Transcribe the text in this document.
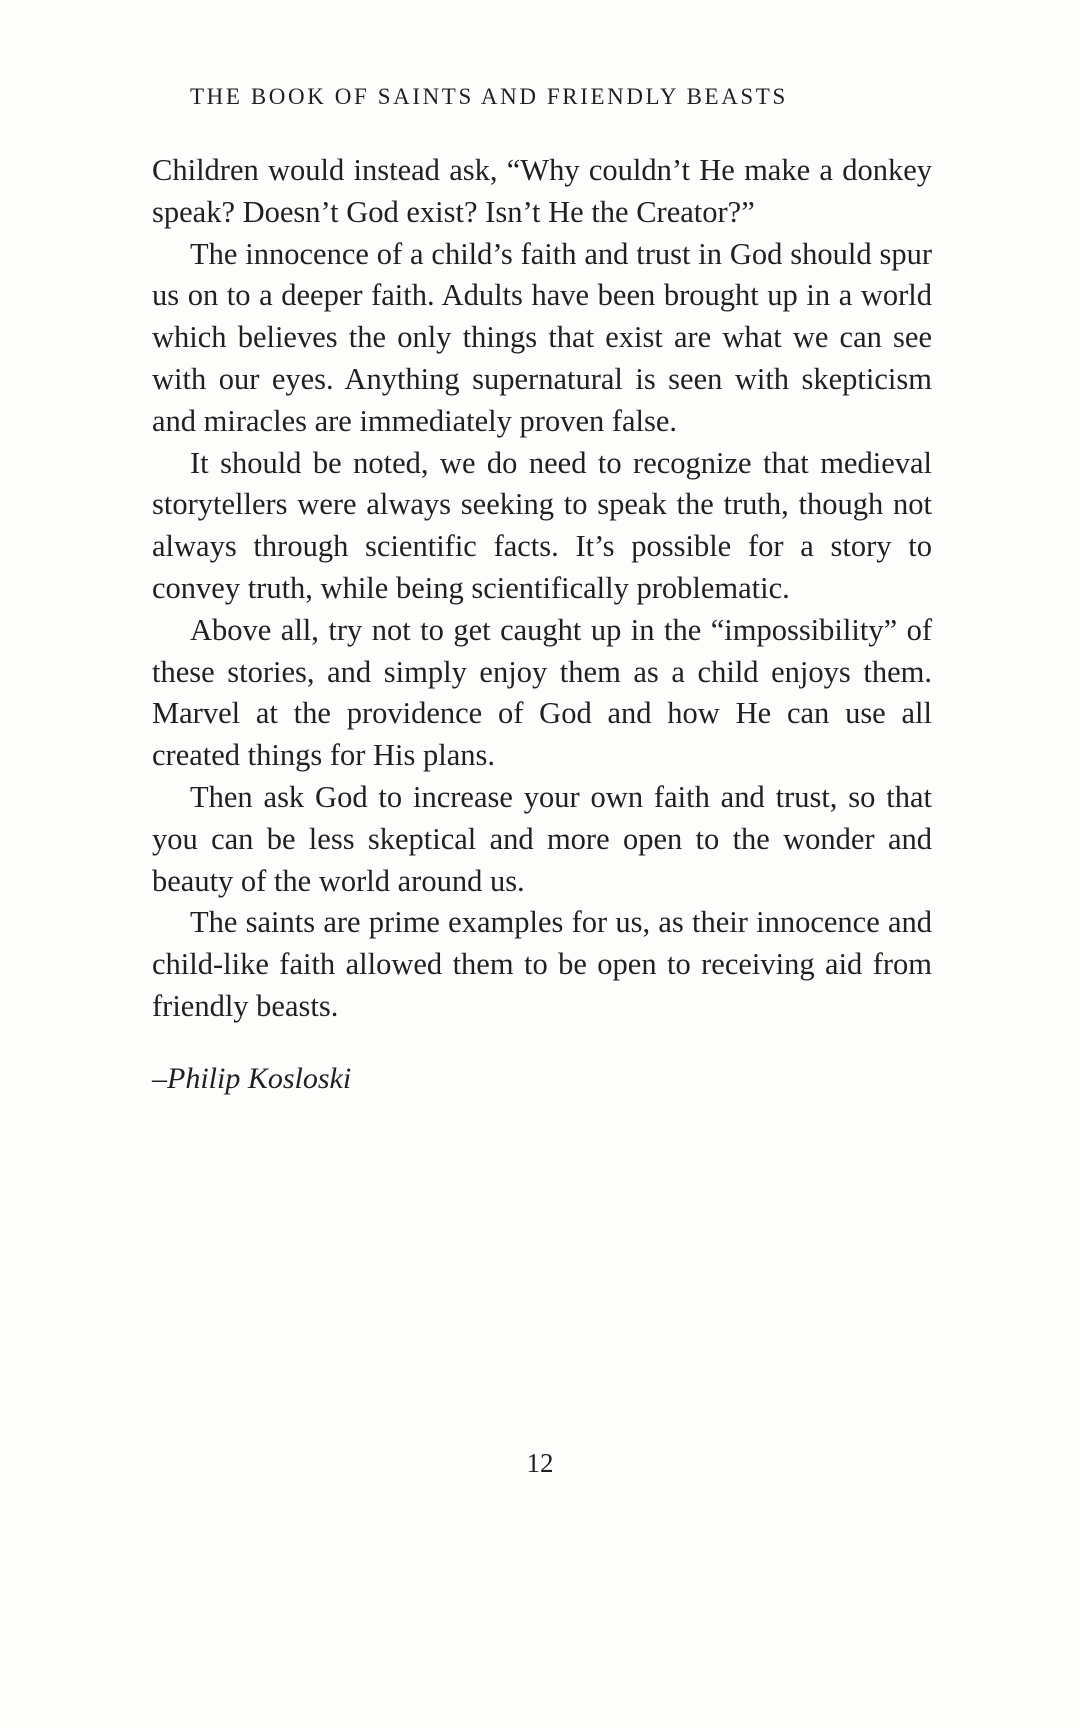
THE BOOK OF SAINTS AND FRIENDLY BEASTS

Children would instead ask, “Why couldn’t He make a donkey speak? Doesn’t God exist? Isn’t He the Creator?”

The innocence of a child’s faith and trust in God should spur us on to a deeper faith. Adults have been brought up in a world which believes the only things that exist are what we can see with our eyes. Anything supernatural is seen with skepticism and miracles are immediately proven false.

It should be noted, we do need to recognize that medieval storytellers were always seeking to speak the truth, though not always through scientific facts. It’s possible for a story to convey truth, while being scientifically problematic.

Above all, try not to get caught up in the “impossibility” of these stories, and simply enjoy them as a child enjoys them. Marvel at the providence of God and how He can use all created things for His plans.

Then ask God to increase your own faith and trust, so that you can be less skeptical and more open to the wonder and beauty of the world around us.

The saints are prime examples for us, as their innocence and child-like faith allowed them to be open to receiving aid from friendly beasts.

–Philip Kosloski
12
